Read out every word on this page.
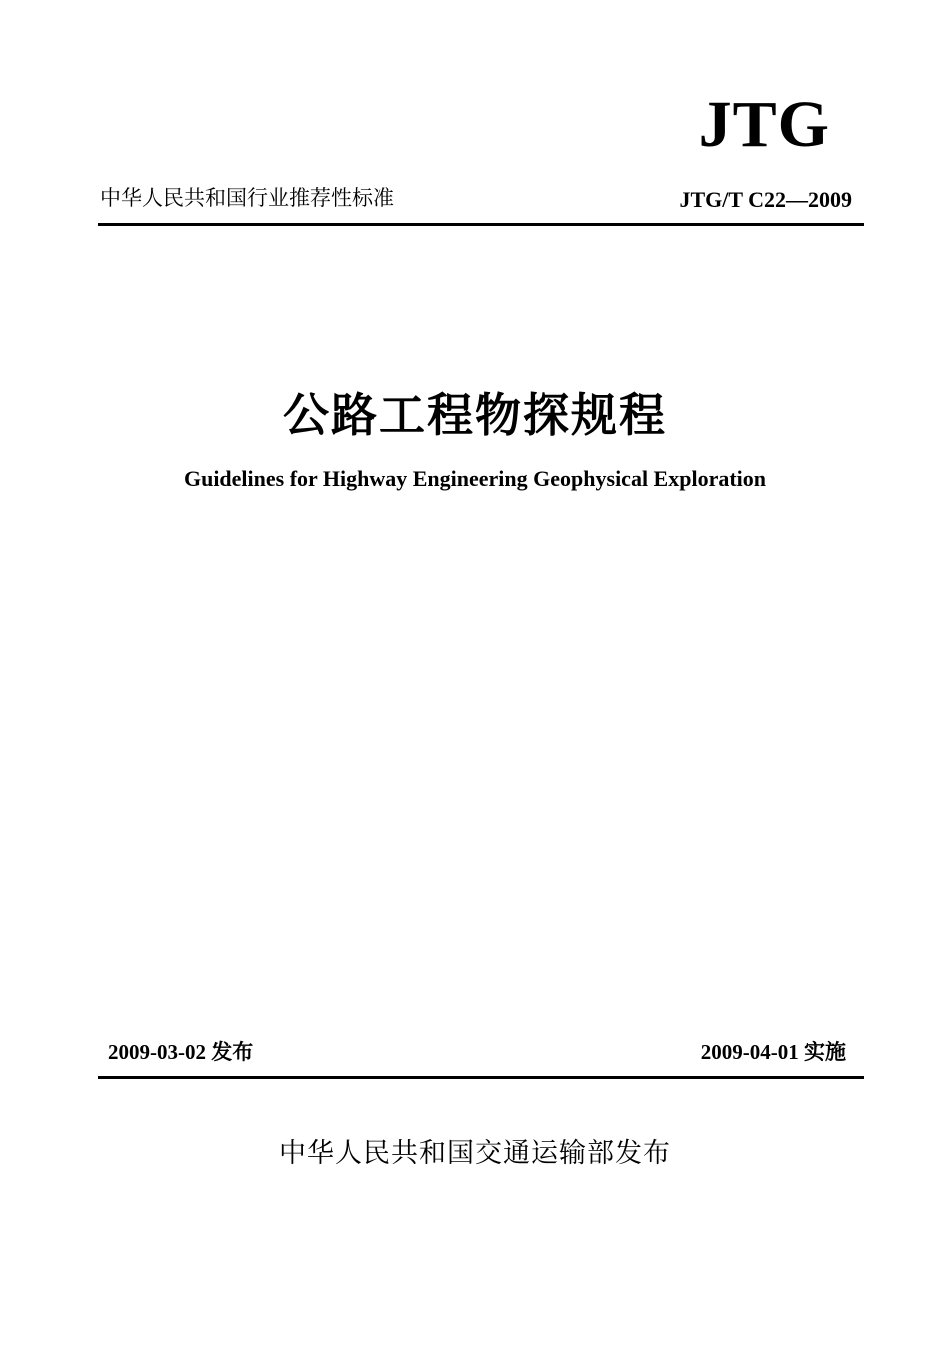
JTG
中华人民共和国行业推荐性标准	JTG/T C22—2009
公路工程物探规程
Guidelines for Highway Engineering Geophysical Exploration
2009-03-02 发布	2009-04-01 实施
中华人民共和国交通运输部发布
